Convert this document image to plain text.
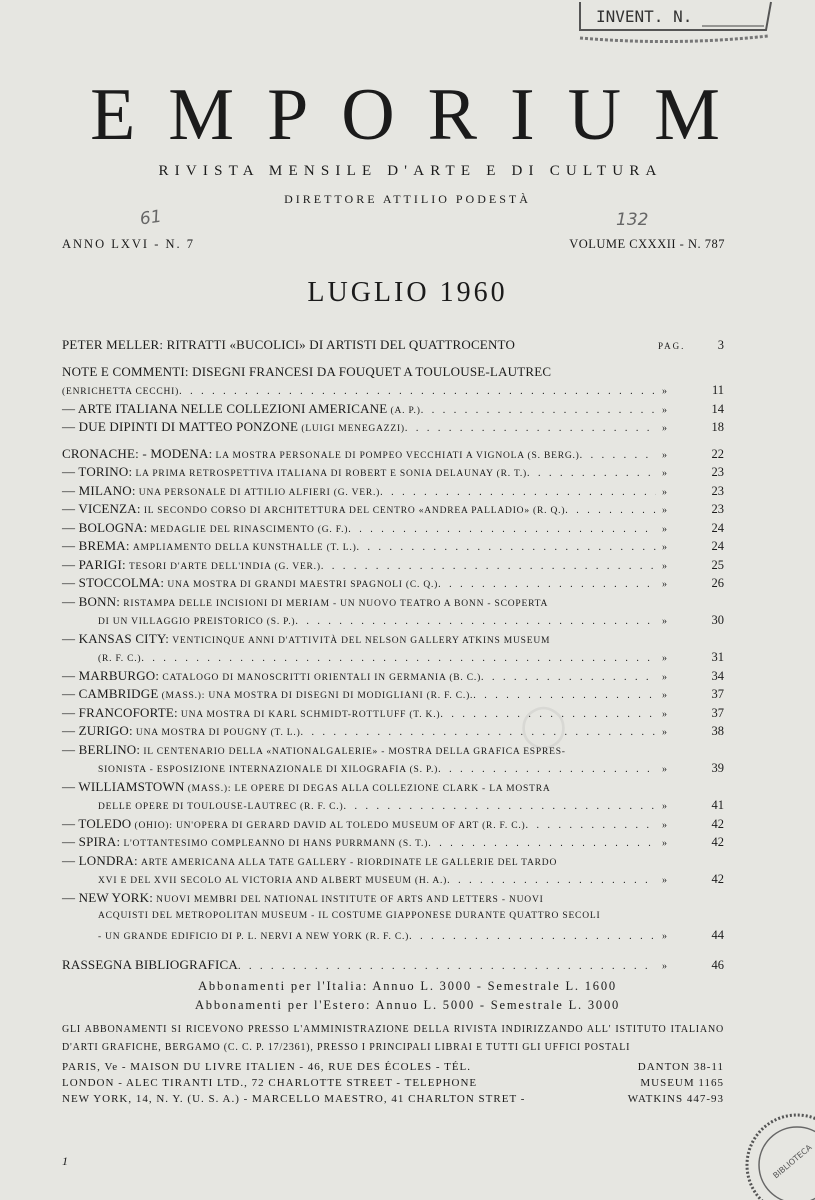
INVENT. N.
BIBLIOTECA
◯
EMPORIUM
RIVISTA MENSILE D'ARTE E DI CULTURA
DIRETTORE ATTILIO PODESTÀ
61	132
ANNO LXVI - N. 7	VOLUME CXXXII - N. 787
LUGLIO 1960
PETER MELLER: RITRATTI «BUCOLICI» DI ARTISTI DEL QUATTROCENTO	PAG.	3
NOTE E COMMENTI: DISEGNI FRANCESI DA FOUQUET A TOULOUSE-LAUTREC
(ENRICHETTA CECCHI) . . .	»	11
— ARTE ITALIANA NELLE COLLEZIONI AMERICANE
(A. P.) . . .	»	14
— DUE DIPINTI DI MATTEO PONZONE
(LUIGI MENEGAZZI) . . .	»	18
CRONACHE: - MODENA:
LA MOSTRA PERSONALE DI POMPEO VECCHIATI A VIGNOLA (S. BERG.) . . .	»	22
— TORINO:
LA PRIMA RETROSPETTIVA ITALIANA DI ROBERT E SONIA DELAUNAY (R. T.) . . .	»	23
— MILANO:
UNA PERSONALE DI ATTILIO ALFIERI (G. VER.) . . .	»	23
— VICENZA:
IL SECONDO CORSO DI ARCHITETTURA DEL CENTRO «ANDREA PALLADIO» (R. Q.) . . .	»	23
— BOLOGNA:
MEDAGLIE DEL RINASCIMENTO (G. F.) . . .	»	24
— BREMA:
AMPLIAMENTO DELLA KUNSTHALLE (T. L.) . . .	»	24
— PARIGI:
TESORI D'ARTE DELL'INDIA (G. VER.) . . .	»	25
— STOCCOLMA:
UNA MOSTRA DI GRANDI MAESTRI SPAGNOLI (C. Q.) . . .	»	26
— BONN:
RISTAMPA DELLE INCISIONI DI MERIAM - UN NUOVO TEATRO A BONN - SCOPERTA
DI UN VILLAGGIO PREISTORICO (S. P.) . . .	»	30
— KANSAS CITY:
VENTICINQUE ANNI D'ATTIVITÀ DEL NELSON GALLERY ATKINS MUSEUM
(R. F. C.) . . .	»	31
— MARBURGO:
CATALOGO DI MANOSCRITTI ORIENTALI IN GERMANIA (B. C.) . . .	»	34
— CAMBRIDGE
(MASS.): UNA MOSTRA DI DISEGNI DI MODIGLIANI (R. F. C.). . . .	»	37
— FRANCOFORTE:
UNA MOSTRA DI KARL SCHMIDT-ROTTLUFF (T. K.) . . .	»	37
— ZURIGO:
UNA MOSTRA DI POUGNY (T. L.) . . .	»	38
— BERLINO:
IL CENTENARIO DELLA «NATIONALGALERIE» - MOSTRA DELLA GRAFICA ESPRES-
SIONISTA - ESPOSIZIONE INTERNAZIONALE DI XILOGRAFIA (S. P.) . . .	»	39
— WILLIAMSTOWN
(MASS.): LE OPERE DI DEGAS ALLA COLLEZIONE CLARK - LA MOSTRA
DELLE OPERE DI TOULOUSE-LAUTREC (R. F. C.) . . .	»	41
— TOLEDO
(OHIO): UN'OPERA DI GERARD DAVID AL TOLEDO MUSEUM OF ART (R. F. C.) . . .	»	42
— SPIRA:
L'OTTANTESIMO COMPLEANNO DI HANS PURRMANN (S. T.) . . .	»	42
— LONDRA:
ARTE AMERICANA ALLA TATE GALLERY - RIORDINATE LE GALLERIE DEL TARDO
XVI E DEL XVII SECOLO AL VICTORIA AND ALBERT MUSEUM (H. A.) . . .	»	42
— NEW YORK:
NUOVI MEMBRI DEL NATIONAL INSTITUTE OF ARTS AND LETTERS - NUOVI
ACQUISTI DEL METROPOLITAN MUSEUM - IL COSTUME GIAPPONESE DURANTE QUATTRO SECOLI
- UN GRANDE EDIFICIO DI P. L. NERVI A NEW YORK (R. F. C.) . . .	»	44
RASSEGNA BIBLIOGRAFICA . . .	»	46
Abbonamenti per l'Italia: Annuo L. 3000 - Semestrale L. 1600
Abbonamenti per l'Estero: Annuo L. 5000 - Semestrale L. 3000
GLI ABBONAMENTI SI RICEVONO PRESSO L'AMMINISTRAZIONE DELLA RIVISTA INDIRIZZANDO ALL' ISTITUTO ITALIANO D'ARTI GRAFICHE, BERGAMO (C. C. P. 17/2361), PRESSO I PRINCIPALI LIBRAI E TUTTI GLI UFFICI POSTALI
PARIS, Ve - MAISON DU LIVRE ITALIEN - 46, RUE DES ÉCOLES - TÉL.	DANTON 38-11
LONDON - ALEC TIRANTI LTD., 72 CHARLOTTE STREET - TELEPHONE	MUSEUM 1165
NEW YORK, 14, N. Y. (U. S. A.) - MARCELLO MAESTRO, 41 CHARLTON STRET -	WATKINS 447-93
1
